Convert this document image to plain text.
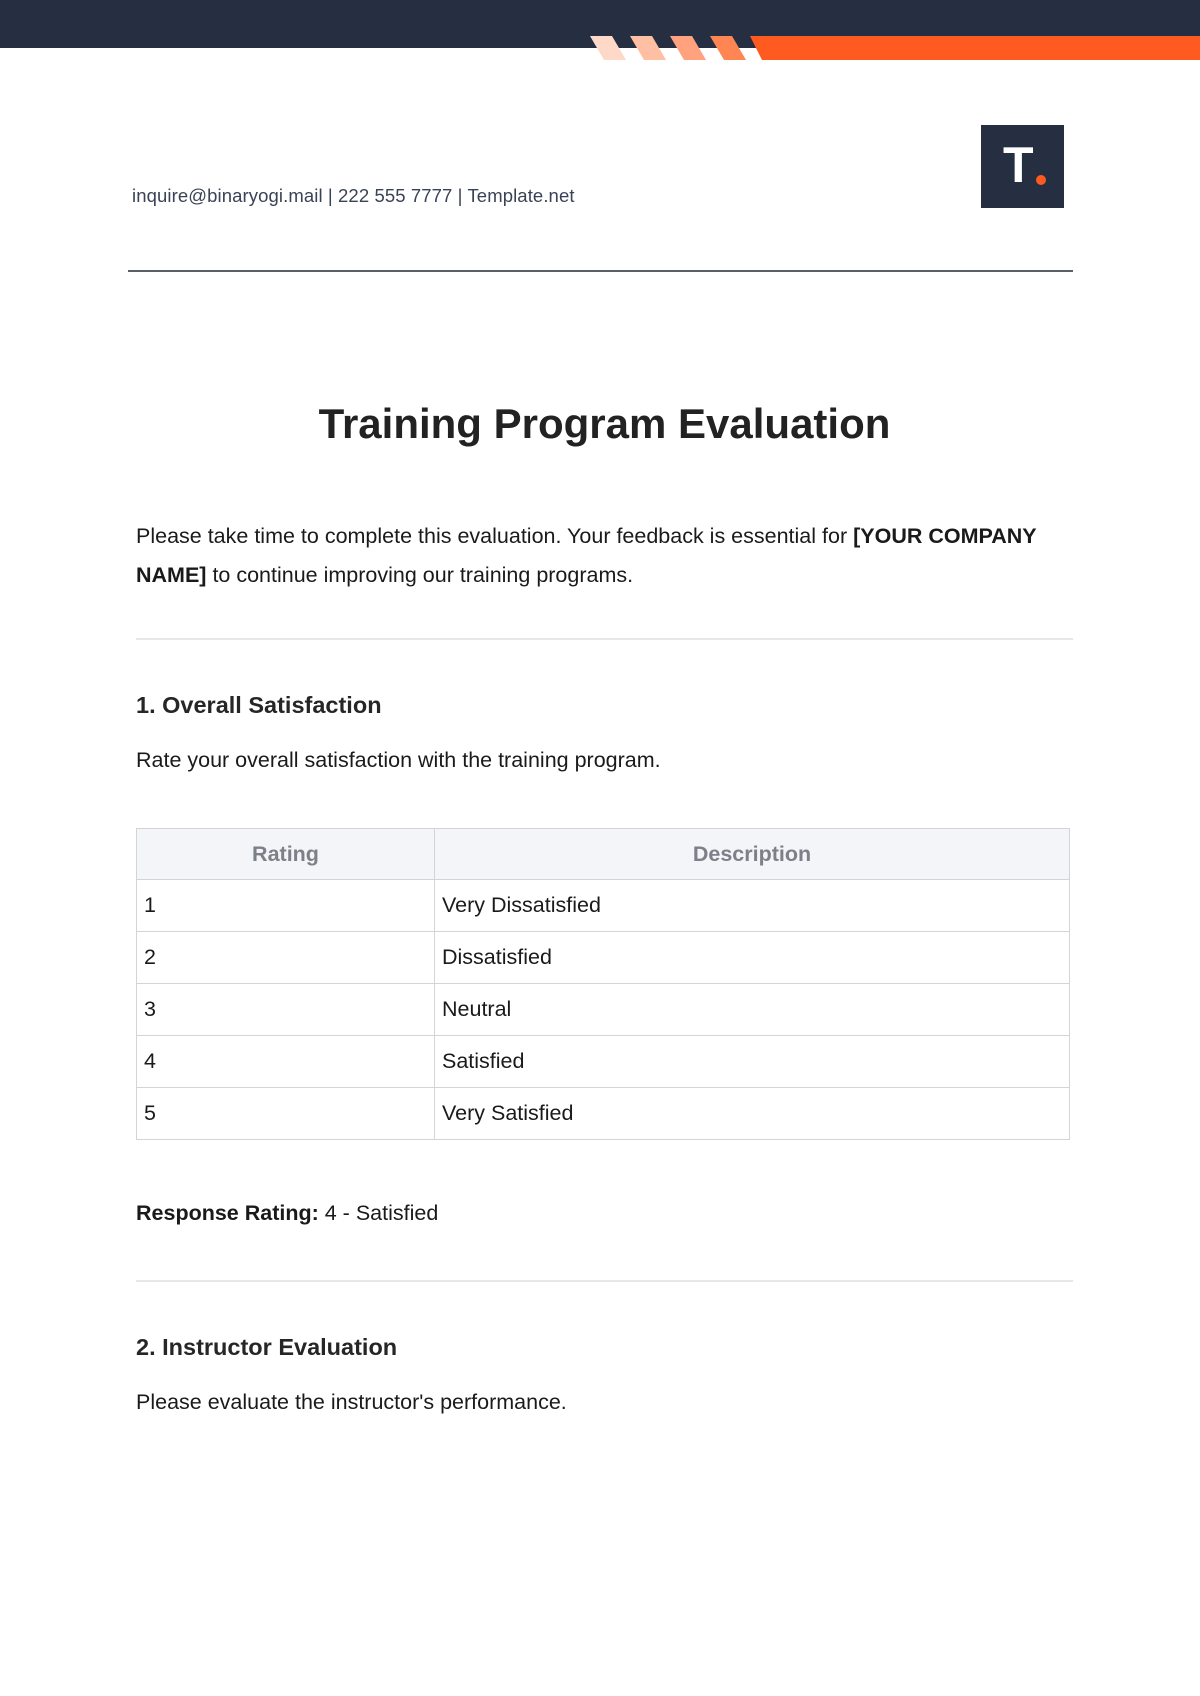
inquire@binaryogi.mail | 222 555 7777 | Template.net
T
Training Program Evaluation

Please take time to complete this evaluation. Your feedback is essential for [YOUR COMPANY NAME] to continue improving our training programs.

1. Overall Satisfaction

Rate your overall satisfaction with the training program.

Rating	Description
1	Very Dissatisfied
2	Dissatisfied
3	Neutral
4	Satisfied
5	Very Satisfied

Response Rating: 4 - Satisfied

2. Instructor Evaluation

Please evaluate the instructor's performance.
